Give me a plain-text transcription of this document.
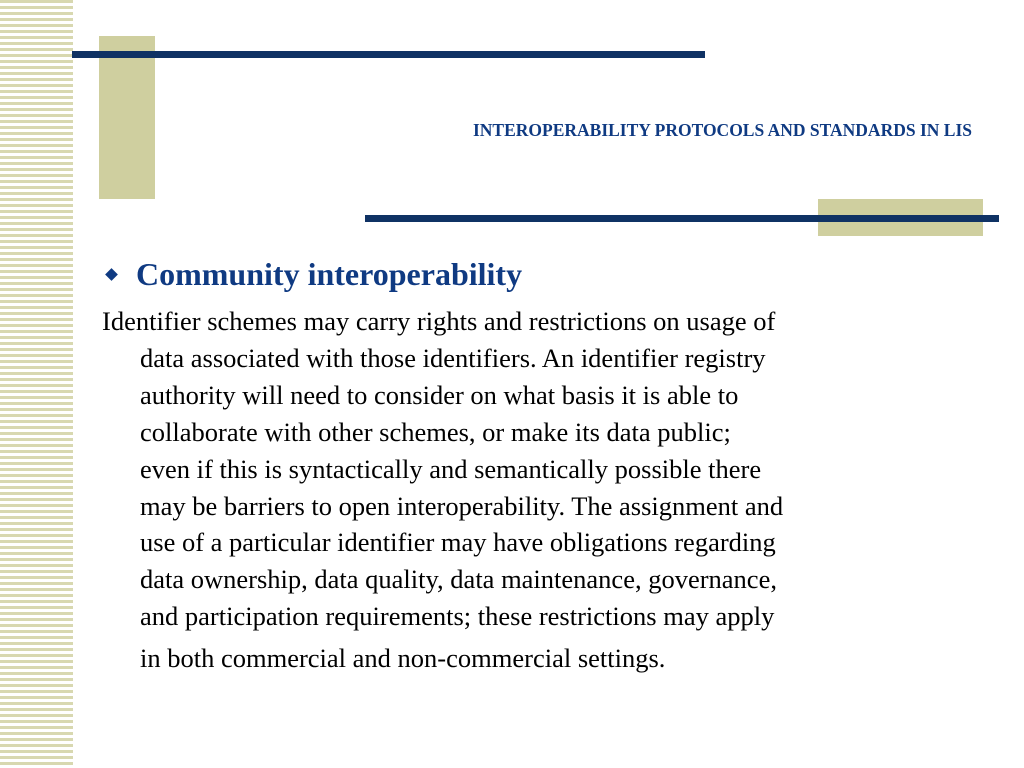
INTEROPERABILITY PROTOCOLS AND STANDARDS IN LIS
Community interoperability

Identifier schemes may carry rights and restrictions on usage of
data associated with those identifiers. An identifier registry
authority will need to consider on what basis it is able to
collaborate with other schemes, or make its data public;
even if this is syntactically and semantically possible there
may be barriers to open interoperability. The assignment and
use of a particular identifier may have obligations regarding
data ownership, data quality, data maintenance, governance,
and participation requirements; these restrictions may apply
in both commercial and non-commercial settings.
